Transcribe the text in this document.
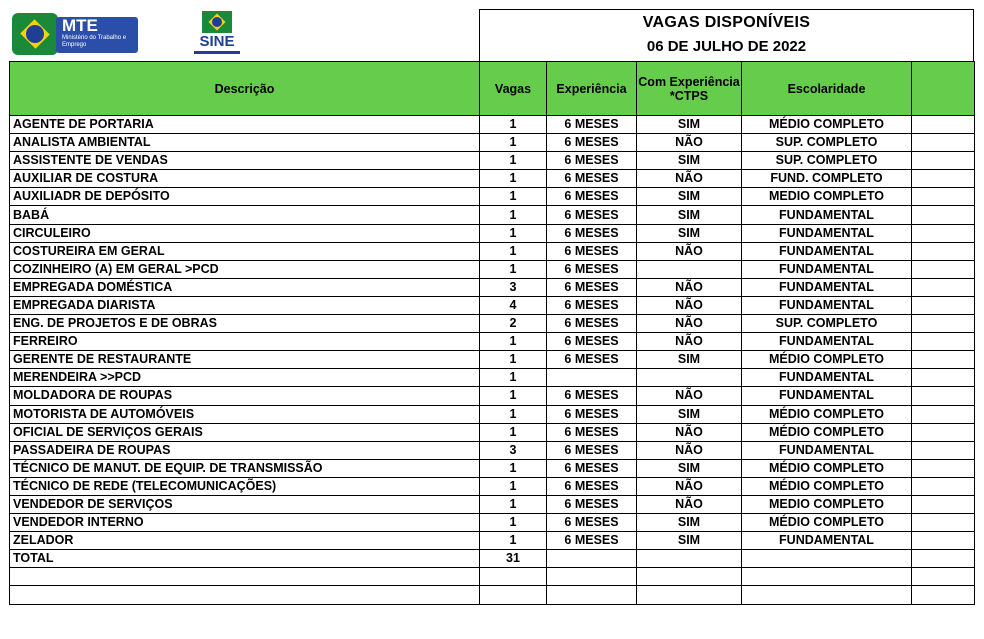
MTE
Ministério do Trabalho e Emprego	SINE
VAGAS DISPONÍVEIS
06 DE JULHO DE 2022
Descrição	Vagas	Experiência	Com Experiência *CTPS	Escolaridade	
AGENTE DE PORTARIA	1	6 MESES	SIM	MÉDIO COMPLETO	
ANALISTA AMBIENTAL	1	6 MESES	NÃO	SUP. COMPLETO	
ASSISTENTE DE VENDAS	1	6 MESES	SIM	SUP. COMPLETO	
AUXILIAR DE COSTURA	1	6 MESES	NÃO	FUND. COMPLETO	
AUXILIADR DE DEPÓSITO	1	6 MESES	SIM	MEDIO COMPLETO	
BABÁ	1	6 MESES	SIM	FUNDAMENTAL	
CIRCULEIRO	1	6 MESES	SIM	FUNDAMENTAL	
COSTUREIRA EM GERAL	1	6 MESES	NÃO	FUNDAMENTAL	
COZINHEIRO (A) EM GERAL >PCD	1	6 MESES		FUNDAMENTAL	
EMPREGADA DOMÉSTICA	3	6 MESES	NÃO	FUNDAMENTAL	
EMPREGADA DIARISTA	4	6 MESES	NÃO	FUNDAMENTAL	
ENG. DE PROJETOS E DE OBRAS	2	6 MESES	NÃO	SUP. COMPLETO	
FERREIRO	1	6 MESES	NÃO	FUNDAMENTAL	
GERENTE DE RESTAURANTE	1	6 MESES	SIM	MÉDIO COMPLETO	
MERENDEIRA >>PCD	1			FUNDAMENTAL	
MOLDADORA DE ROUPAS	1	6 MESES	NÃO	FUNDAMENTAL	
MOTORISTA DE AUTOMÓVEIS	1	6 MESES	SIM	MÉDIO COMPLETO	
OFICIAL DE SERVIÇOS GERAIS	1	6 MESES	NÃO	MÉDIO COMPLETO	
PASSADEIRA DE ROUPAS	3	6 MESES	NÃO	FUNDAMENTAL	
TÉCNICO DE MANUT. DE EQUIP. DE TRANSMISSÃO	1	6 MESES	SIM	MÉDIO COMPLETO	
TÉCNICO DE REDE (TELECOMUNICAÇÕES)	1	6 MESES	NÃO	MÉDIO COMPLETO	
VENDEDOR DE SERVIÇOS	1	6 MESES	NÃO	MEDIO COMPLETO	
VENDEDOR INTERNO	1	6 MESES	SIM	MÉDIO COMPLETO	
ZELADOR	1	6 MESES	SIM	FUNDAMENTAL	
TOTAL	31				
